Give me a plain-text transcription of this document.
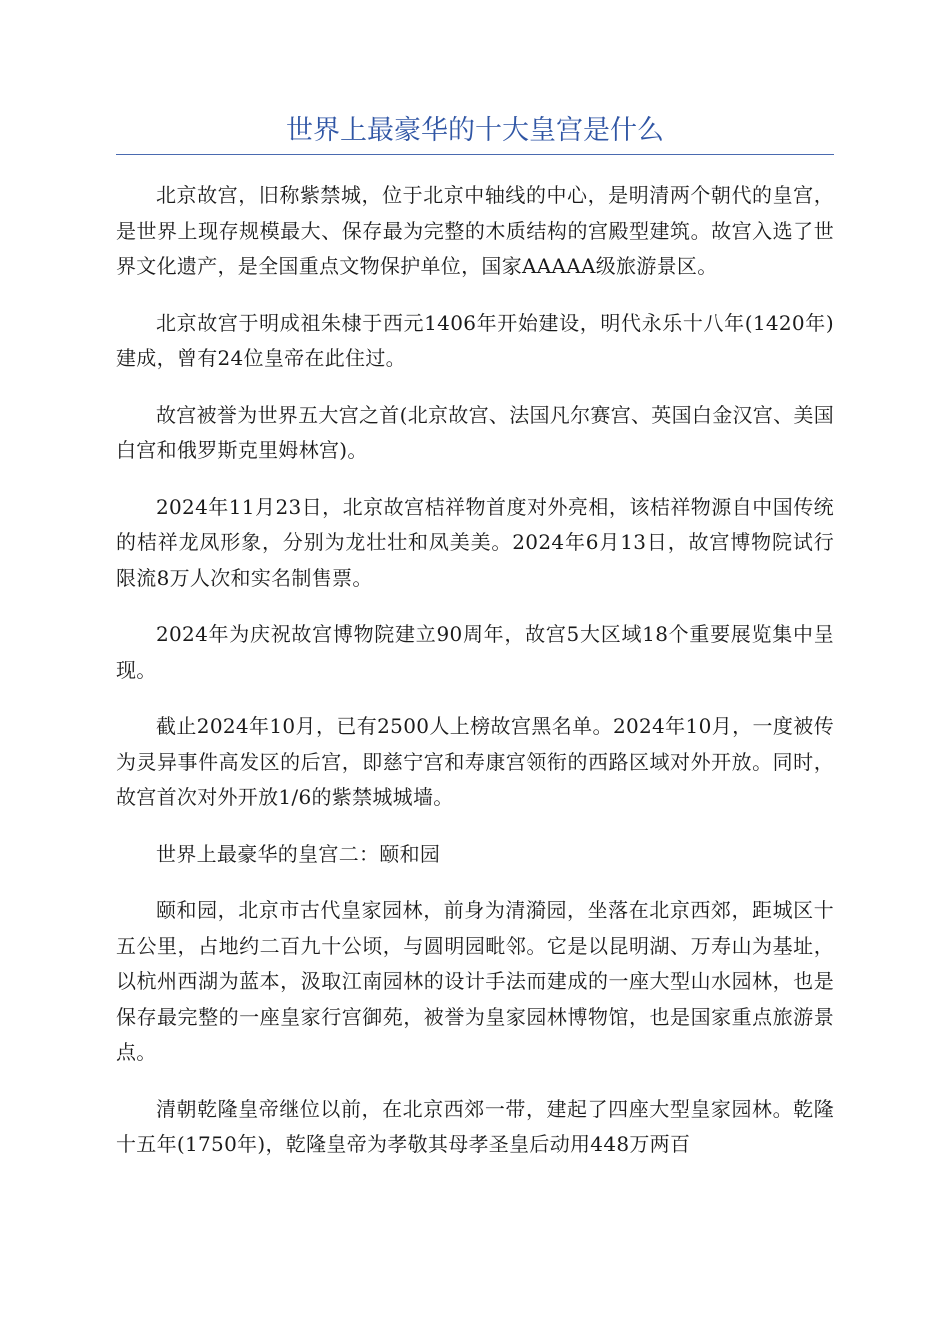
世界上最豪华的十大皇宫是什么

北京故宫，旧称紫禁城，位于北京中轴线的中心，是明清两个朝代的皇宫，是世界上现存规模最大、保存最为完整的木质结构的宫殿型建筑。故宫入选了世界文化遗产，是全国重点文物保护单位，国家AAAAA级旅游景区。

北京故宫于明成祖朱棣于西元1406年开始建设，明代永乐十八年(1420年)建成，曾有24位皇帝在此住过。

故宫被誉为世界五大宫之首(北京故宫、法国凡尔赛宫、英国白金汉宫、美国白宫和俄罗斯克里姆林宫)。

2024年11月23日，北京故宫桔祥物首度对外亮相，该桔祥物源自中国传统的桔祥龙凤形象，分别为龙壮壮和凤美美。2024年6月13日，故宫博物院试行限流8万人次和实名制售票。

2024年为庆祝故宫博物院建立90周年，故宫5大区域18个重要展览集中呈现。

截止2024年10月，已有2500人上榜故宫黑名单。2024年10月，一度被传为灵异事件高发区的后宫，即慈宁宫和寿康宫领衔的西路区域对外开放。同时，故宫首次对外开放1/6的紫禁城城墙。

世界上最豪华的皇宫二：颐和园

颐和园，北京市古代皇家园林，前身为清漪园，坐落在北京西郊，距城区十五公里，占地约二百九十公顷，与圆明园毗邻。它是以昆明湖、万寿山为基址，以杭州西湖为蓝本，汲取江南园林的设计手法而建成的一座大型山水园林，也是保存最完整的一座皇家行宫御苑，被誉为皇家园林博物馆，也是国家重点旅游景点。

清朝乾隆皇帝继位以前，在北京西郊一带，建起了四座大型皇家园林。乾隆十五年(1750年)，乾隆皇帝为孝敬其母孝圣皇后动用448万两百
